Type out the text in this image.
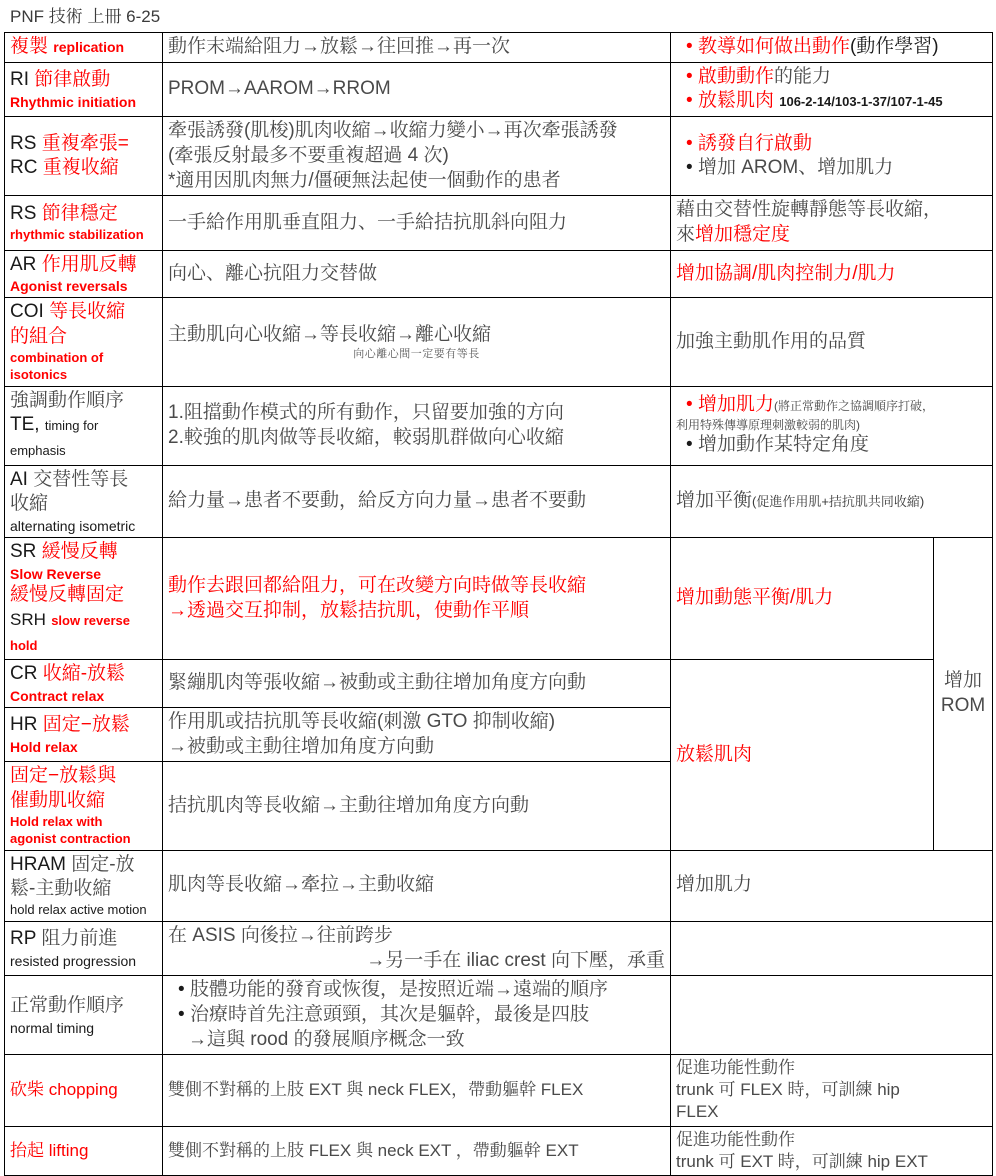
PNF 技術 上冊 6-25
複製 replication	動作末端給阻力→放鬆→往回推→再一次	• 教導如何做出動作(動作學習)

RI 節律啟動
Rhythmic initiation	PROM→AAROM→RROM	• 啟動動作的能力
• 放鬆肌肉 106-2-14/103-1-37/107-1-45

RS 重複牽張=
RC 重複收縮	牽張誘發(肌梭)肌肉收縮→收縮力變小→再次牽張誘發
(牽張反射最多不要重複超過 4 次)
*適用因肌肉無力/僵硬無法起使一個動作的患者	• 誘發自行啟動
• 增加 AROM、增加肌力

RS 節律穩定
rhythmic stabilization	一手給作用肌垂直阻力、一手給拮抗肌斜向阻力	藉由交替性旋轉靜態等長收縮，
來增加穩定度	

AR 作用肌反轉
Agonist reversals	向心、離心抗阻力交替做	增加協調/肌肉控制力/肌力	

COI 等長收縮
的組合
combination of isotonics	主動肌向心收縮→等長收縮→離心收縮
向心離心間一定要有等長	加強主動肌作用的品質	

強調動作順序
TE, timing for emphasis	1.阻擋動作模式的所有動作，只留要加強的方向
2.較強的肌肉做等長收縮，較弱肌群做向心收縮	• 增加肌力(將正常動作之協調順序打破，
利用特殊傳導原理刺激較弱的肌肉)
• 增加動作某特定角度

AI 交替性等長
收縮
alternating isometric	給力量→患者不要動，給反方向力量→患者不要動	增加平衡(促進作用肌+拮抗肌共同收縮)	

SR 緩慢反轉
Slow Reverse
緩慢反轉固定
SRH slow reverse hold	動作去跟回都給阻力，可在改變方向時做等長收縮
→透過交互抑制，放鬆拮抗肌，使動作平順	增加動態平衡/肌力	增加 ROM

CR 收縮-放鬆
Contract relax	緊繃肌肉等張收縮→被動或主動往增加角度方向動	放鬆肌肉	

HR 固定−放鬆
Hold relax	作用肌或拮抗肌等長收縮(刺激 GTO 抑制收縮)
→被動或主動往增加角度方向動		

固定−放鬆與
催動肌收縮
Hold relax with
agonist contraction	拮抗肌肉等長收縮→主動往增加角度方向動		

HRAM 固定-放
鬆-主動收縮
hold relax active motion	肌肉等長收縮→牽拉→主動收縮	增加肌力	

RP 阻力前進
resisted progression	在 ASIS 向後拉→往前跨步
→另一手在 iliac crest 向下壓，承重		

正常動作順序
normal timing	• 肢體功能的發育或恢復，是按照近端→遠端的順序
• 治療時首先注意頭頸，其次是軀幹，最後是四肢
→這與 rood 的發展順序概念一致

砍柴 chopping	雙側不對稱的上肢 EXT 與 neck FLEX，帶動軀幹 FLEX	促進功能性動作
trunk 可 FLEX 時，可訓練 hip
FLEX	

抬起 lifting	雙側不對稱的上肢 FLEX 與 neck EXT ，帶動軀幹 EXT	促進功能性動作
trunk 可 EXT 時，可訓練 hip EXT	
